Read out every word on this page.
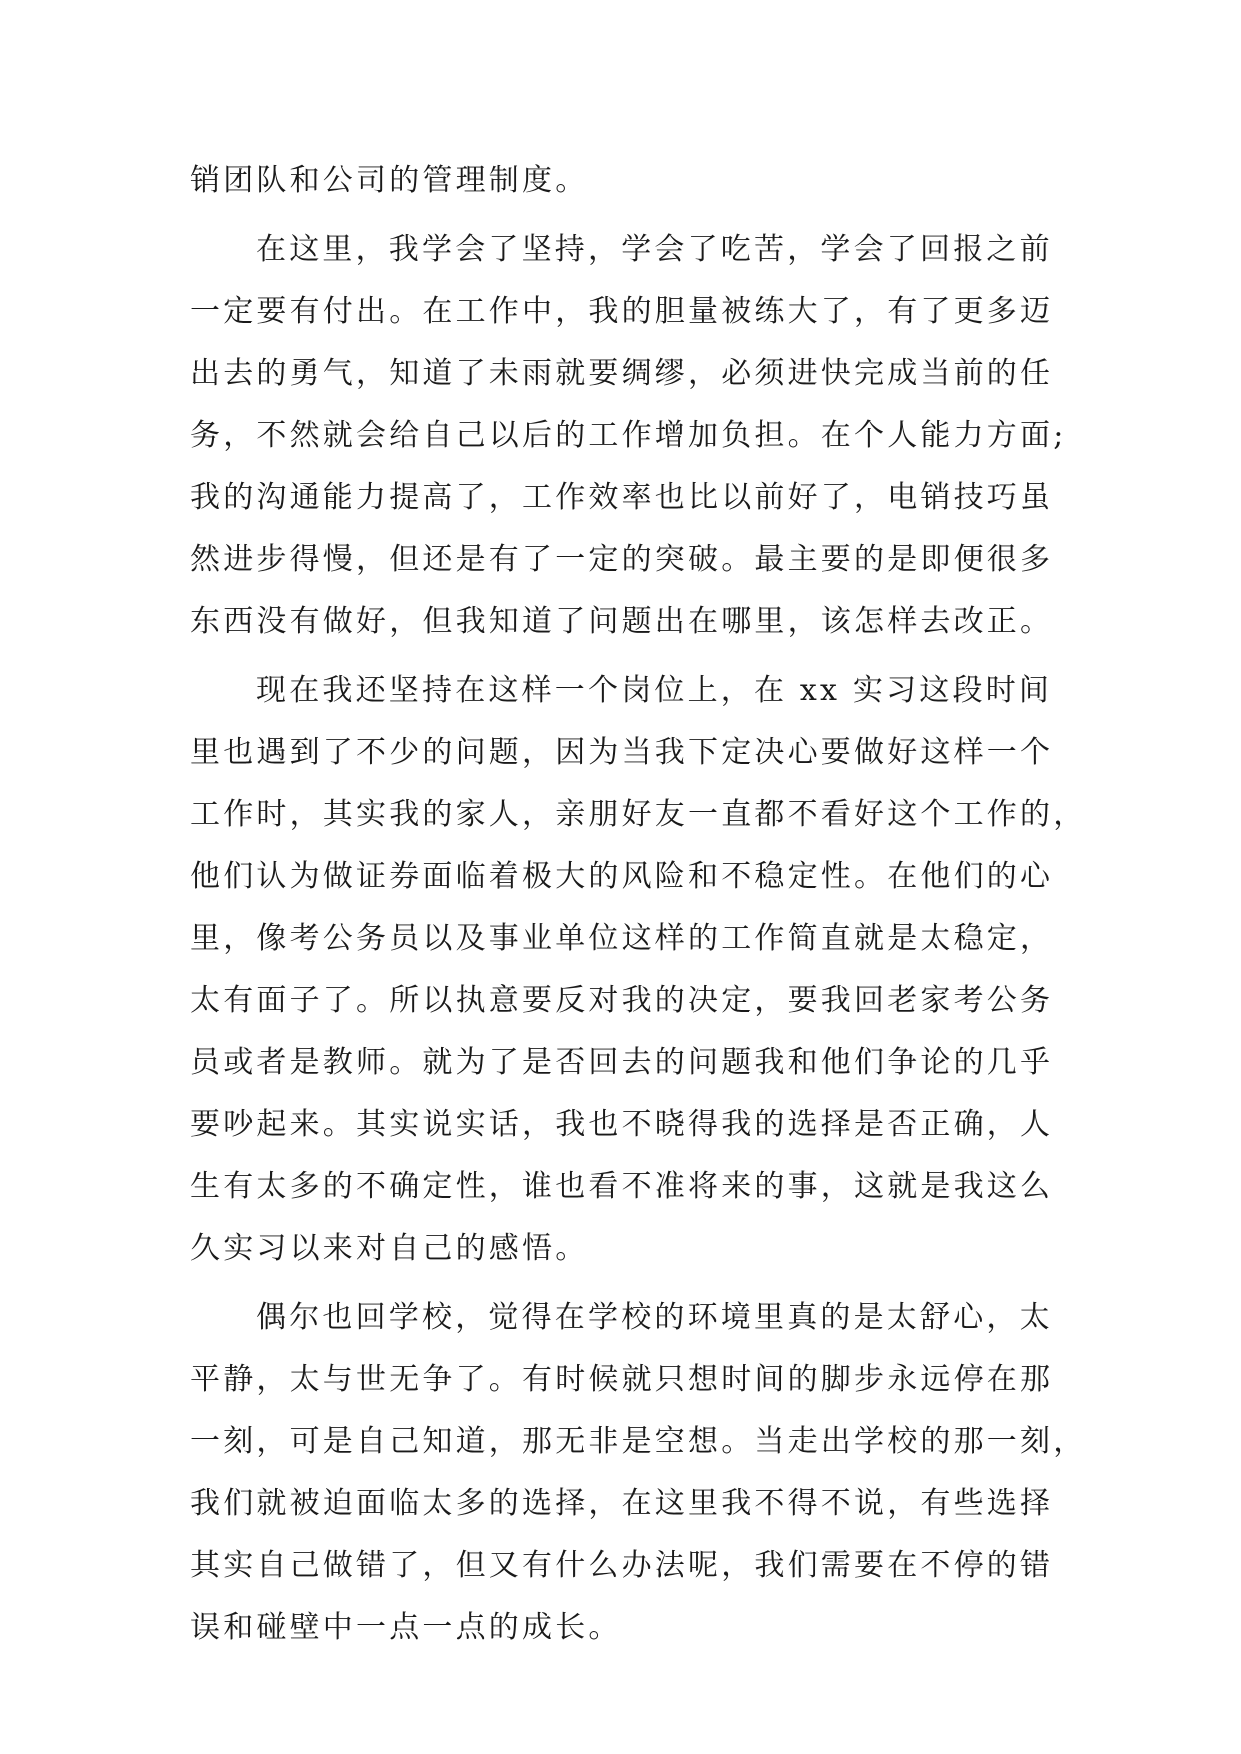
销团队和公司的管理制度。
在这里，我学会了坚持，学会了吃苦，学会了回报之前
一定要有付出。在工作中，我的胆量被练大了，有了更多迈
出去的勇气，知道了未雨就要绸缪，必须进快完成当前的任
务，不然就会给自己以后的工作增加负担。在个人能力方面;
我的沟通能力提高了，工作效率也比以前好了，电销技巧虽
然进步得慢，但还是有了一定的突破。最主要的是即便很多
东西没有做好，但我知道了问题出在哪里，该怎样去改正。
现在我还坚持在这样一个岗位上，在 xx 实习这段时间
里也遇到了不少的问题，因为当我下定决心要做好这样一个
工作时，其实我的家人，亲朋好友一直都不看好这个工作的，
他们认为做证券面临着极大的风险和不稳定性。在他们的心
里，像考公务员以及事业单位这样的工作简直就是太稳定，
太有面子了。所以执意要反对我的决定，要我回老家考公务
员或者是教师。就为了是否回去的问题我和他们争论的几乎
要吵起来。其实说实话，我也不晓得我的选择是否正确，人
生有太多的不确定性，谁也看不准将来的事，这就是我这么
久实习以来对自己的感悟。
偶尔也回学校，觉得在学校的环境里真的是太舒心，太
平静，太与世无争了。有时候就只想时间的脚步永远停在那
一刻，可是自己知道，那无非是空想。当走出学校的那一刻，
我们就被迫面临太多的选择，在这里我不得不说，有些选择
其实自己做错了，但又有什么办法呢，我们需要在不停的错
误和碰壁中一点一点的成长。
